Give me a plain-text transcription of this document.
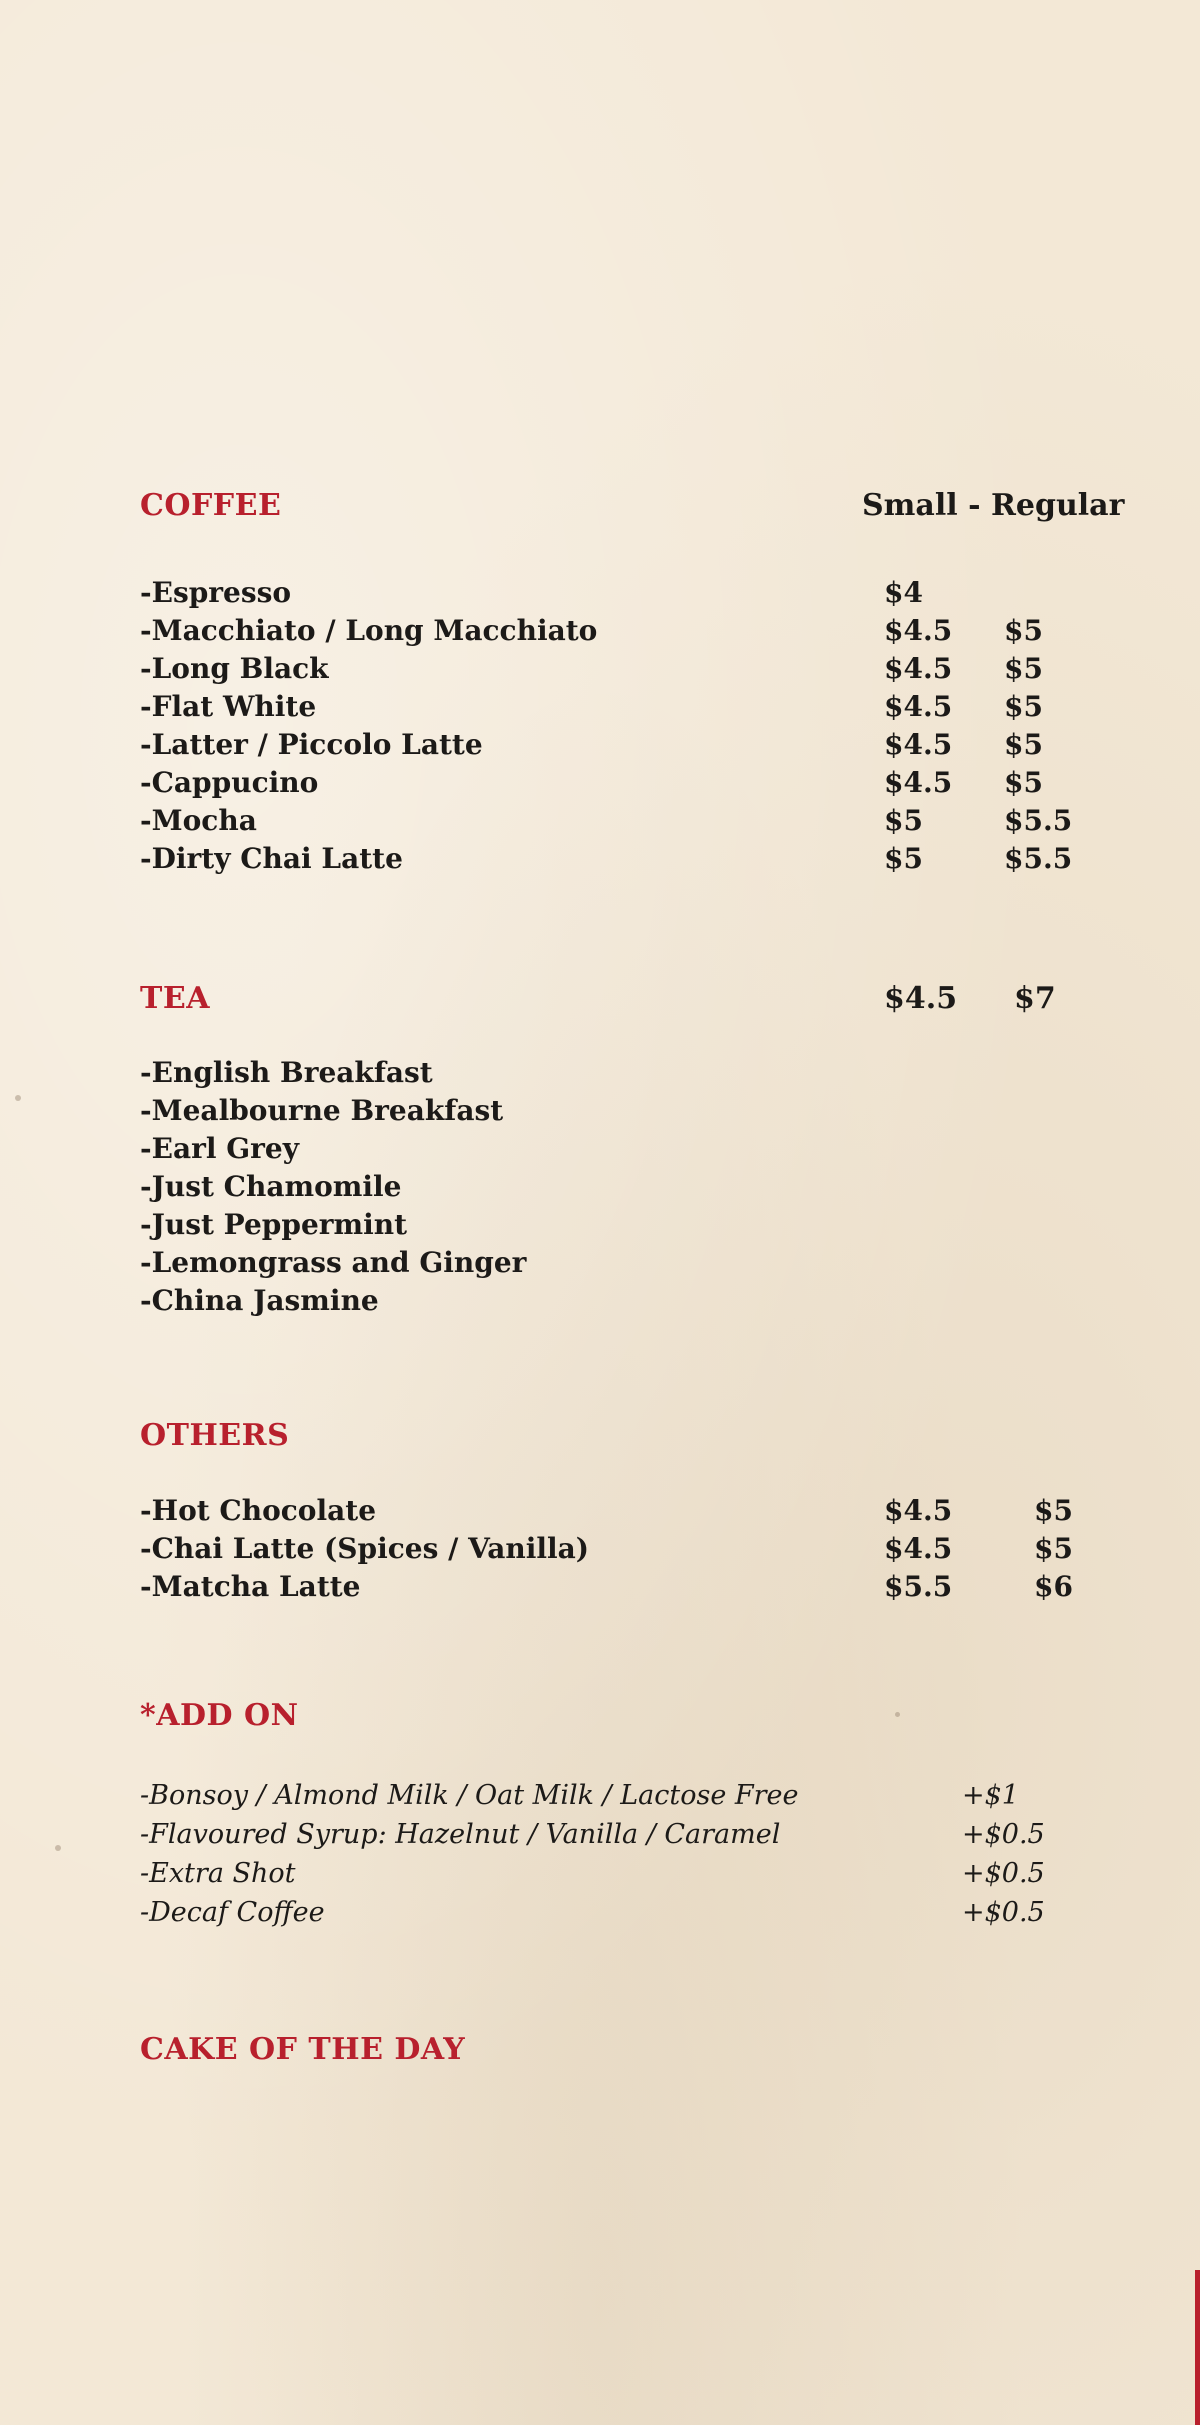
COFFEE	Small - Regular
-Espresso	$4
-Macchiato / Long Macchiato	$4.5 $5
-Long Black	$4.5 $5
-Flat White	$4.5 $5
-Latter / Piccolo Latte	$4.5 $5
-Cappucino	$4.5 $5
-Mocha	$5	$5.5
-Dirty Chai Latte	$5	$5.5
TEA	$4.5 $7
-English Breakfast
-Mealbourne Breakfast
-Earl Grey
-Just Chamomile
-Just Peppermint
-Lemongrass and Ginger
-China Jasmine
OTHERS
-Hot Chocolate	$4.5	$5
-Chai Latte (Spices / Vanilla)	$4.5	$5
-Matcha Latte	$5.5	$6
*ADD ON
-Bonsoy / Almond Milk / Oat Milk / Lactose Free	+$1
-Flavoured Syrup: Hazelnut / Vanilla / Caramel	+$0.5
-Extra Shot	+$0.5
-Decaf Coffee	+$0.5
CAKE OF THE DAY
